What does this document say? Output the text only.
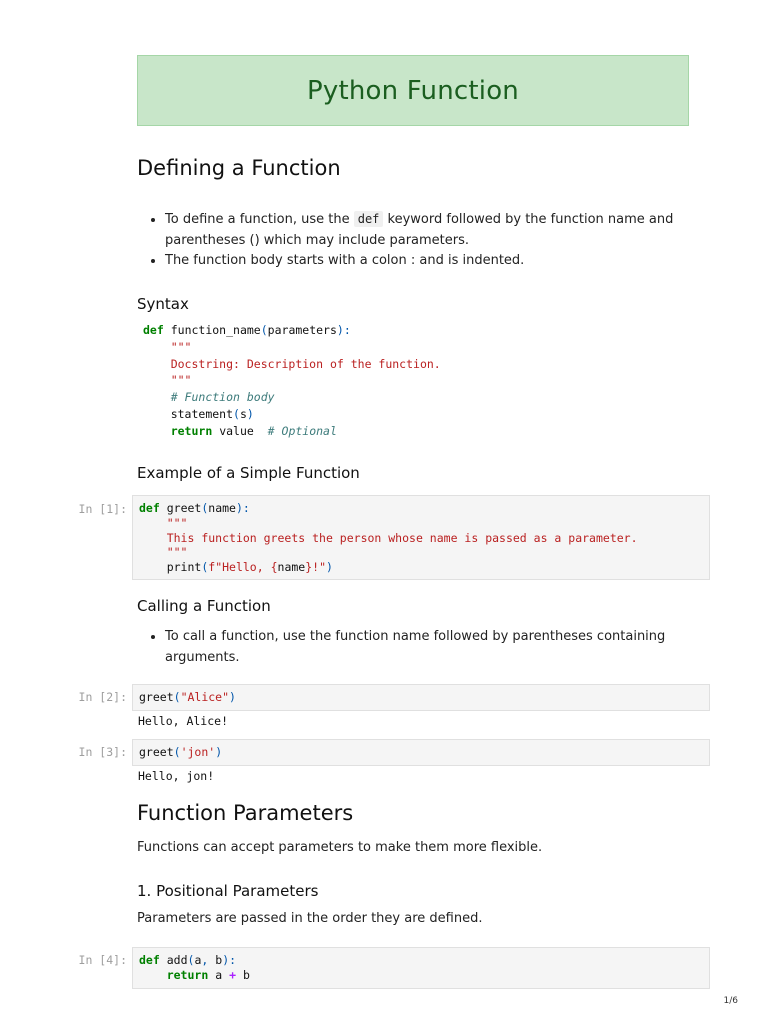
Python Function
Defining a Function
• To define a function, use the def keyword followed by the function name and parentheses () which may include parameters.
• The function body starts with a colon : and is indented.
Syntax
def function_name(parameters):
"""
Docstring: Description of the function.
"""
# Function body
statement(s)
return value # Optional
Example of a Simple Function
In [1]: def greet(name):
"""
This function greets the person whose name is passed as a parameter.
"""
print(f"Hello, {name}!")
Calling a Function
• To call a function, use the function name followed by parentheses containing arguments.
In [2]: greet("Alice")
Hello, Alice!
In [3]: greet('jon')
Hello, jon!
Function Parameters

Functions can accept parameters to make them more flexible.

1. Positional Parameters

Parameters are passed in the order they are defined.

In [4]: def add(a, b):
return a + b
1/6
